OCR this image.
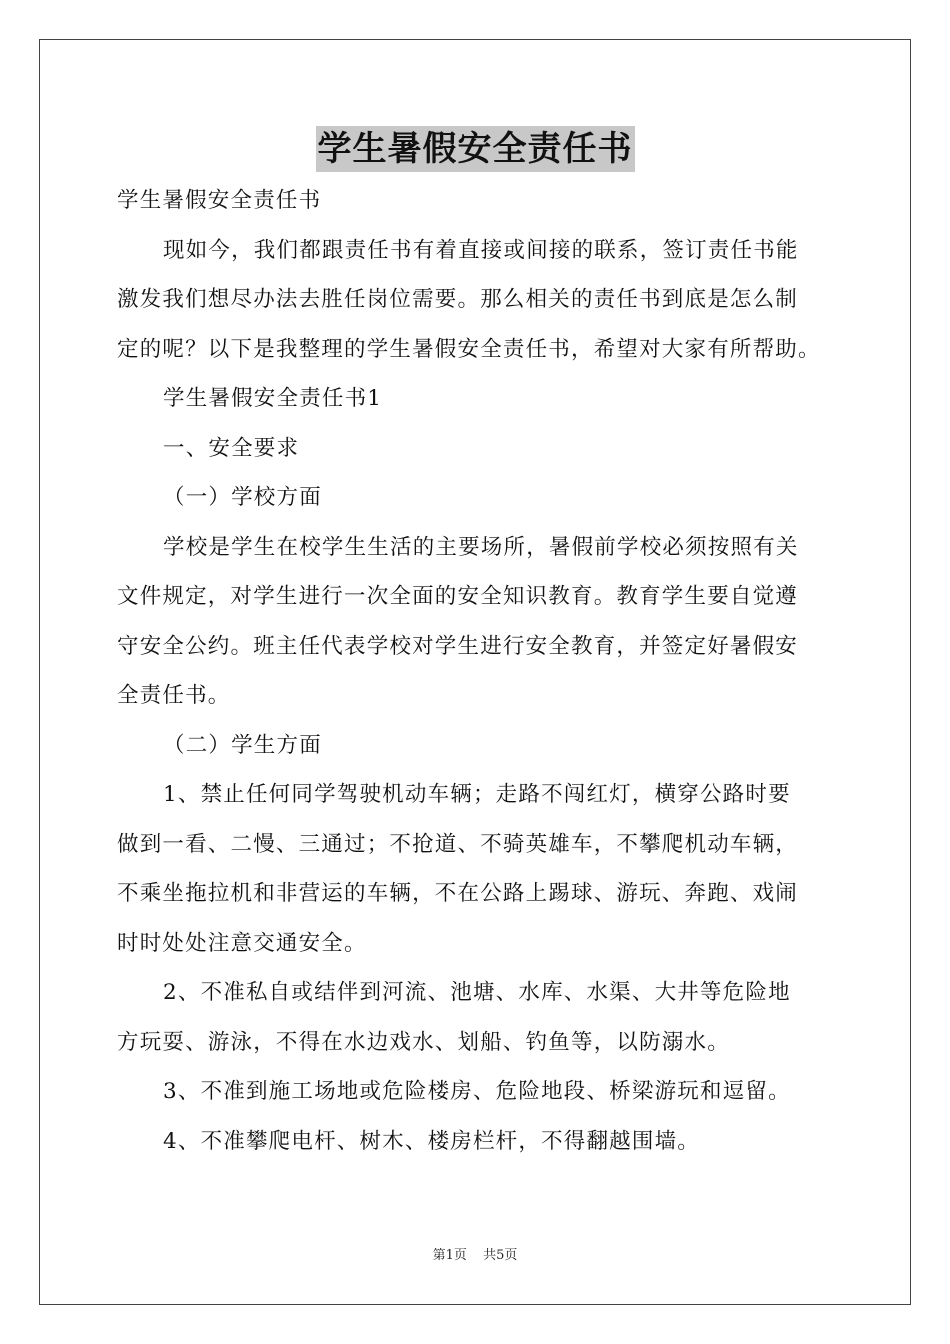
学生暑假安全责任书
学生暑假安全责任书
现如今，我们都跟责任书有着直接或间接的联系，签订责任书能
激发我们想尽办法去胜任岗位需要。那么相关的责任书到底是怎么制
定的呢？以下是我整理的学生暑假安全责任书，希望对大家有所帮助。
学生暑假安全责任书1
一、安全要求
（一）学校方面
学校是学生在校学生生活的主要场所，暑假前学校必须按照有关
文件规定，对学生进行一次全面的安全知识教育。教育学生要自觉遵
守安全公约。班主任代表学校对学生进行安全教育，并签定好暑假安
全责任书。
（二）学生方面
1、禁止任何同学驾驶机动车辆；走路不闯红灯，横穿公路时要
做到一看、二慢、三通过；不抢道、不骑英雄车，不攀爬机动车辆，
不乘坐拖拉机和非营运的车辆，不在公路上踢球、游玩、奔跑、戏闹
时时处处注意交通安全。
2、不准私自或结伴到河流、池塘、水库、水渠、大井等危险地
方玩耍、游泳，不得在水边戏水、划船、钓鱼等，以防溺水。
3、不准到施工场地或危险楼房、危险地段、桥梁游玩和逗留。
4、不准攀爬电杆、树木、楼房栏杆，不得翻越围墙。
第1页 共5页
